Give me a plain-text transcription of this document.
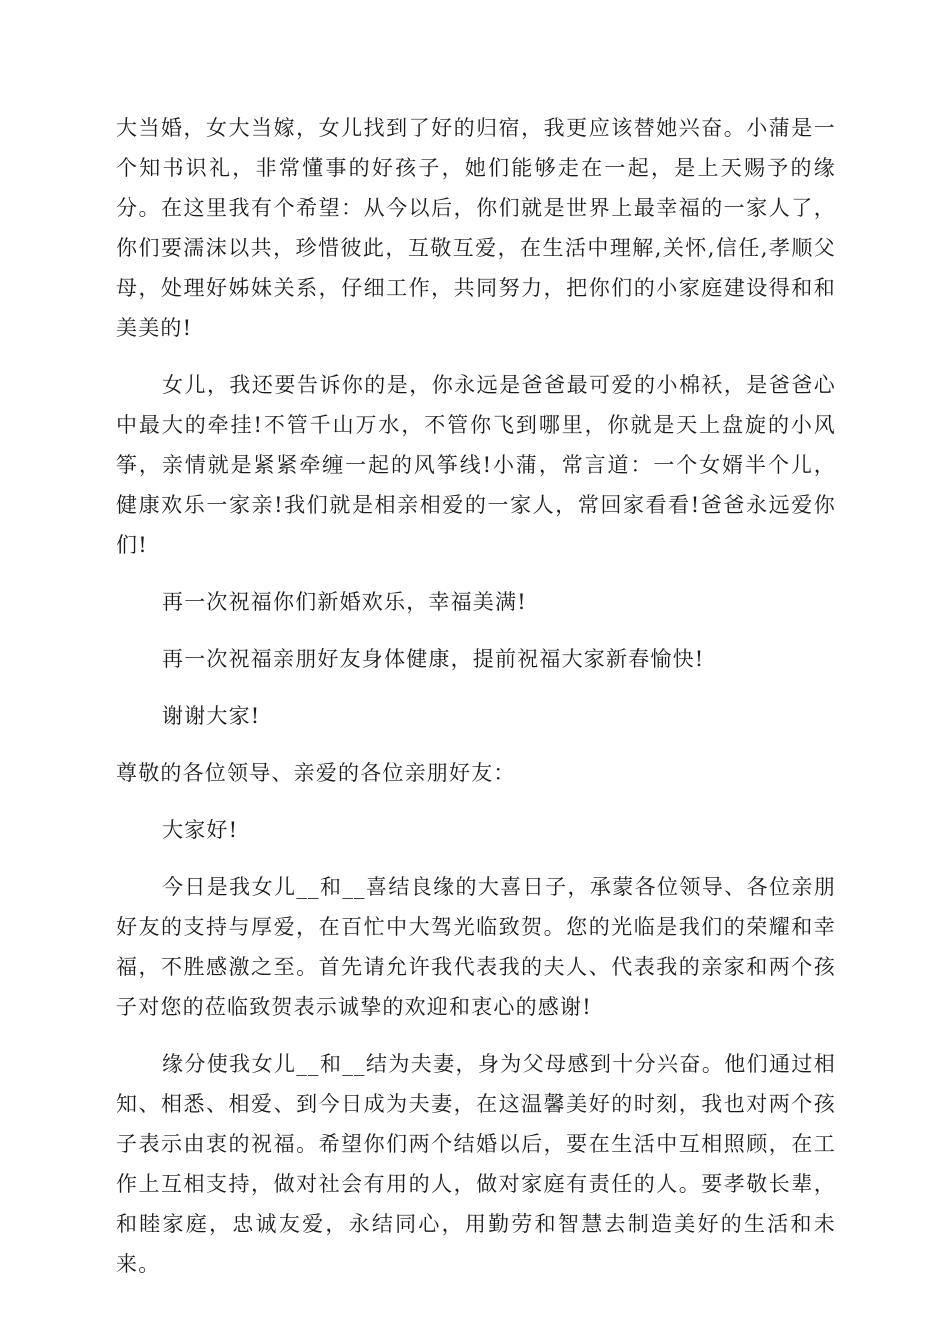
大当婚，女大当嫁，女儿找到了好的归宿，我更应该替她兴奋。小蒲是一个知书识礼，非常懂事的好孩子，她们能够走在一起，是上天赐予的缘分。在这里我有个希望：从今以后，你们就是世界上最幸福的一家人了，你们要濡沫以共，珍惜彼此，互敬互爱，在生活中理解,关怀,信任,孝顺父母，处理好姊妹关系，仔细工作，共同努力，把你们的小家庭建设得和和美美的!

女儿，我还要告诉你的是，你永远是爸爸最可爱的小棉袄，是爸爸心中最大的牵挂!不管千山万水，不管你飞到哪里，你就是天上盘旋的小风筝，亲情就是紧紧牵缠一起的风筝线!小蒲，常言道：一个女婿半个儿，健康欢乐一家亲!我们就是相亲相爱的一家人，常回家看看!爸爸永远爱你们!

再一次祝福你们新婚欢乐，幸福美满!

再一次祝福亲朋好友身体健康，提前祝福大家新春愉快!

谢谢大家!

尊敬的各位领导、亲爱的各位亲朋好友：

大家好!

今日是我女儿__和__喜结良缘的大喜日子，承蒙各位领导、各位亲朋好友的支持与厚爱，在百忙中大驾光临致贺。您的光临是我们的荣耀和幸福，不胜感激之至。首先请允许我代表我的夫人、代表我的亲家和两个孩子对您的莅临致贺表示诚挚的欢迎和衷心的感谢!

缘分使我女儿__和__结为夫妻，身为父母感到十分兴奋。他们通过相知、相悉、相爱、到今日成为夫妻，在这温馨美好的时刻，我也对两个孩子表示由衷的祝福。希望你们两个结婚以后，要在生活中互相照顾，在工作上互相支持，做对社会有用的人，做对家庭有责任的人。要孝敬长辈，和睦家庭，忠诚友爱，永结同心，用勤劳和智慧去制造美好的生活和未来。
